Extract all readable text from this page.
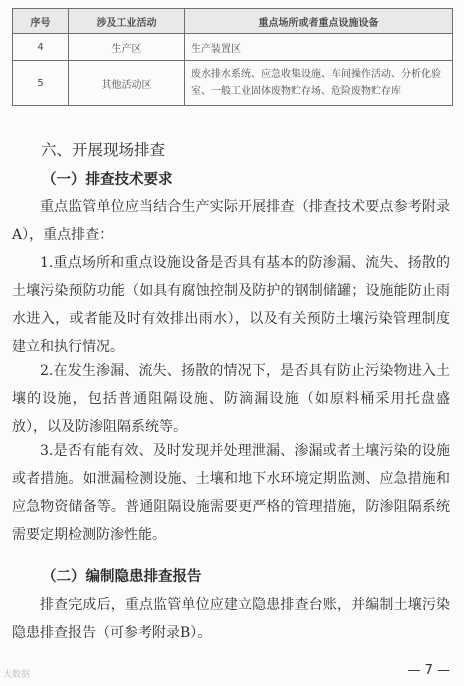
序号	涉及工业活动	重点场所或者重点设施设备
4	生产区	生产装置区
5	其他活动区	废水排水系统、应急收集设施、车间操作活动、分析化验室、一般工业固体废物贮存场、危险废物贮存库
六、开展现场排查
（一）排查技术要求
重点监管单位应当结合生产实际开展排查（排查技术要点参考附录A），重点排查：
1.重点场所和重点设施设备是否具有基本的防渗漏、流失、扬散的土壤污染预防功能（如具有腐蚀控制及防护的钢制储罐；设施能防止雨水进入，或者能及时有效排出雨水），以及有关预防土壤污染管理制度建立和执行情况。
2.在发生渗漏、流失、扬散的情况下，是否具有防止污染物进入土壤的设施，包括普通阻隔设施、防滴漏设施（如原料桶采用托盘盛放），以及防渗阻隔系统等。
3.是否有能有效、及时发现并处理泄漏、渗漏或者土壤污染的设施或者措施。如泄漏检测设施、土壤和地下水环境定期监测、应急措施和应急物资储备等。普通阻隔设施需要更严格的管理措施，防渗阻隔系统需要定期检测防渗性能。
（二）编制隐患排查报告
排查完成后，重点监管单位应建立隐患排查台账，并编制土壤污染隐患排查报告（可参考附录B）。
大数据	— 7 —
